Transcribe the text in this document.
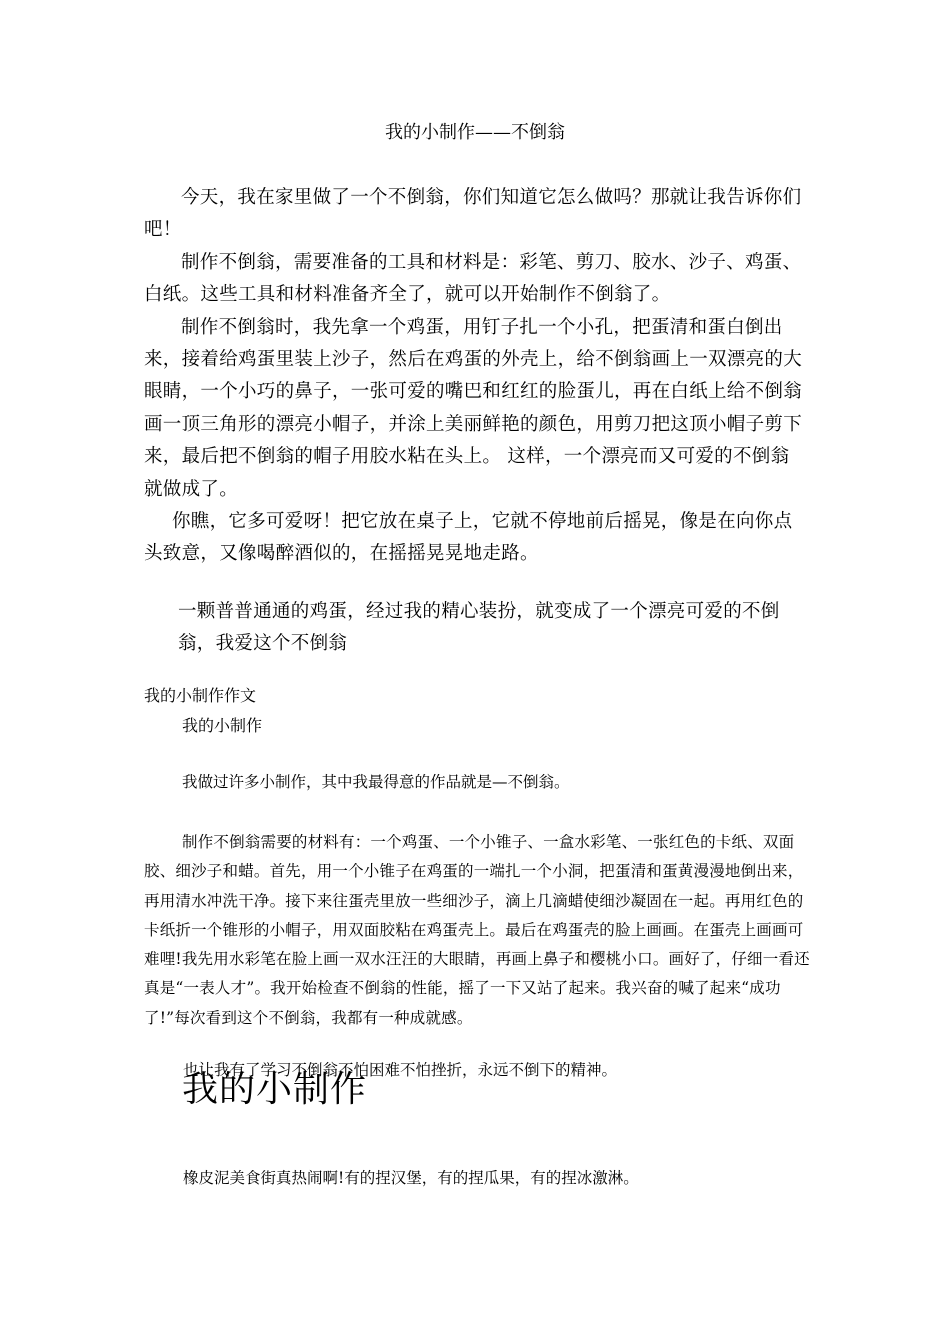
我的小制作——不倒翁

今天，我在家里做了一个不倒翁，你们知道它怎么做吗？那就让我告诉你们吧！

制作不倒翁，需要准备的工具和材料是：彩笔、剪刀、胶水、沙子、鸡蛋、白纸。这些工具和材料准备齐全了，就可以开始制作不倒翁了。

制作不倒翁时，我先拿一个鸡蛋，用钉子扎一个小孔，把蛋清和蛋白倒出来，接着给鸡蛋里装上沙子，然后在鸡蛋的外壳上，给不倒翁画上一双漂亮的大眼睛，一个小巧的鼻子，一张可爱的嘴巴和红红的脸蛋儿，再在白纸上给不倒翁画一顶三角形的漂亮小帽子，并涂上美丽鲜艳的颜色，用剪刀把这顶小帽子剪下来，最后把不倒翁的帽子用胶水粘在头上。 这样，一个漂亮而又可爱的不倒翁就做成了。

你瞧，它多可爱呀！把它放在桌子上，它就不停地前后摇晃，像是在向你点头致意，又像喝醉酒似的，在摇摇晃晃地走路。

一颗普普通通的鸡蛋，经过我的精心装扮，就变成了一个漂亮可爱的不倒翁，我爱这个不倒翁

我的小制作作文

我的小制作

我做过许多小制作，其中我最得意的作品就是—不倒翁。

制作不倒翁需要的材料有：一个鸡蛋、一个小锥子、一盒水彩笔、一张红色的卡纸、双面胶、细沙子和蜡。首先，用一个小锥子在鸡蛋的一端扎一个小洞，把蛋清和蛋黄漫漫地倒出来，再用清水冲洗干净。接下来往蛋壳里放一些细沙子，滴上几滴蜡使细沙凝固在一起。再用红色的卡纸折一个锥形的小帽子，用双面胶粘在鸡蛋壳上。最后在鸡蛋壳的脸上画画。在蛋壳上画画可难哩!我先用水彩笔在脸上画一双水汪汪的大眼睛，再画上鼻子和樱桃小口。画好了，仔细一看还真是“一表人才”。我开始检查不倒翁的性能，摇了一下又站了起来。我兴奋的喊了起来“成功了!”每次看到这个不倒翁，我都有一种成就感。

也让我有了学习不倒翁不怕困难不怕挫折，永远不倒下的精神。

我的小制作

橡皮泥美食街真热闹啊!有的捏汉堡，有的捏瓜果，有的捏冰激淋。
